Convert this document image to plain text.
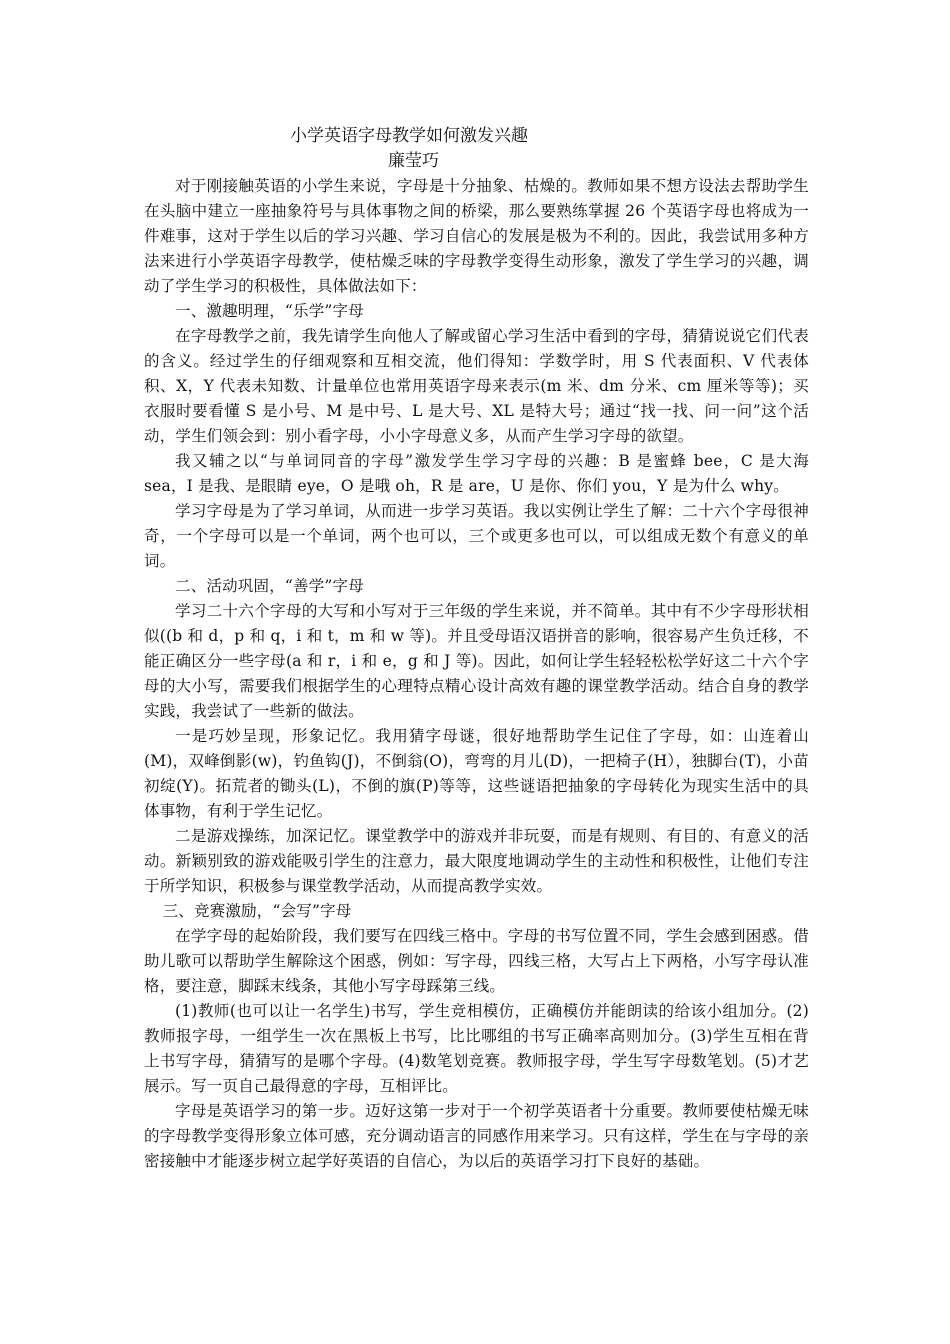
小学英语字母教学如何激发兴趣
廉莹巧

对于刚接触英语的小学生来说，字母是十分抽象、枯燥的。教师如果不想方设法去帮助学生在头脑中建立一座抽象符号与具体事物之间的桥梁，那么要熟练掌握 26 个英语字母也将成为一件难事，这对于学生以后的学习兴趣、学习自信心的发展是极为不利的。因此，我尝试用多种方法来进行小学英语字母教学，使枯燥乏味的字母教学变得生动形象，激发了学生学习的兴趣，调动了学生学习的积极性，具体做法如下：

一、激趣明理，“乐学”字母

在字母教学之前，我先请学生向他人了解或留心学习生活中看到的字母，猜猜说说它们代表的含义。经过学生的仔细观察和互相交流，他们得知：学数学时，用 S 代表面积、V 代表体积、X，Y 代表未知数、计量单位也常用英语字母来表示(m 米、dm 分米、cm 厘米等等)；买衣服时要看懂 S 是小号、M 是中号、L 是大号、XL 是特大号；通过“找一找、问一问”这个活动，学生们领会到：别小看字母，小小字母意义多，从而产生学习字母的欲望。

我又辅之以“与单词同音的字母”激发学生学习字母的兴趣：B 是蜜蜂 bee，C 是大海 sea，I 是我、是眼睛 eye，O 是哦 oh，R 是 are，U 是你、你们 you，Y 是为什么 why。

学习字母是为了学习单词，从而进一步学习英语。我以实例让学生了解：二十六个字母很神奇，一个字母可以是一个单词，两个也可以，三个或更多也可以，可以组成无数个有意义的单词。

二、活动巩固，“善学”字母

学习二十六个字母的大写和小写对于三年级的学生来说，并不简单。其中有不少字母形状相似((b 和 d，p 和 q，i 和 t，m 和 w 等)。并且受母语汉语拼音的影响，很容易产生负迁移，不能正确区分一些字母(a 和 r，i 和 e，g 和 J 等)。因此，如何让学生轻轻松松学好这二十六个字母的大小写，需要我们根据学生的心理特点精心设计高效有趣的课堂教学活动。结合自身的教学实践，我尝试了一些新的做法。

一是巧妙呈现，形象记忆。我用猜字母谜，很好地帮助学生记住了字母，如：山连着山(M)，双峰倒影(w)，钓鱼钩(J)，不倒翁(O)，弯弯的月儿(D)，一把椅子(H），独脚台(T)，小苗初绽(Y)。拓荒者的锄头(L)，不倒的旗(P)等等，这些谜语把抽象的字母转化为现实生活中的具体事物，有利于学生记忆。

二是游戏操练，加深记忆。课堂教学中的游戏并非玩耍，而是有规则、有目的、有意义的活动。新颖别致的游戏能吸引学生的注意力，最大限度地调动学生的主动性和积极性，让他们专注于所学知识，积极参与课堂教学活动，从而提高教学实效。

三、竞赛激励，“会写”字母

在学字母的起始阶段，我们要写在四线三格中。字母的书写位置不同，学生会感到困惑。借助儿歌可以帮助学生解除这个困惑，例如：写字母，四线三格，大写占上下两格，小写字母认准格，要注意，脚踩末线条，其他小写字母踩第三线。

(1)教师(也可以让一名学生)书写，学生竞相模仿，正确模仿并能朗读的给该小组加分。(2)教师报字母，一组学生一次在黑板上书写，比比哪组的书写正确率高则加分。(3)学生互相在背上书写字母，猜猜写的是哪个字母。(4)数笔划竞赛。教师报字母，学生写字母数笔划。(5)才艺展示。写一页自己最得意的字母，互相评比。

字母是英语学习的第一步。迈好这第一步对于一个初学英语者十分重要。教师要使枯燥无味的字母教学变得形象立体可感，充分调动语言的同感作用来学习。只有这样，学生在与字母的亲密接触中才能逐步树立起学好英语的自信心，为以后的英语学习打下良好的基础。
